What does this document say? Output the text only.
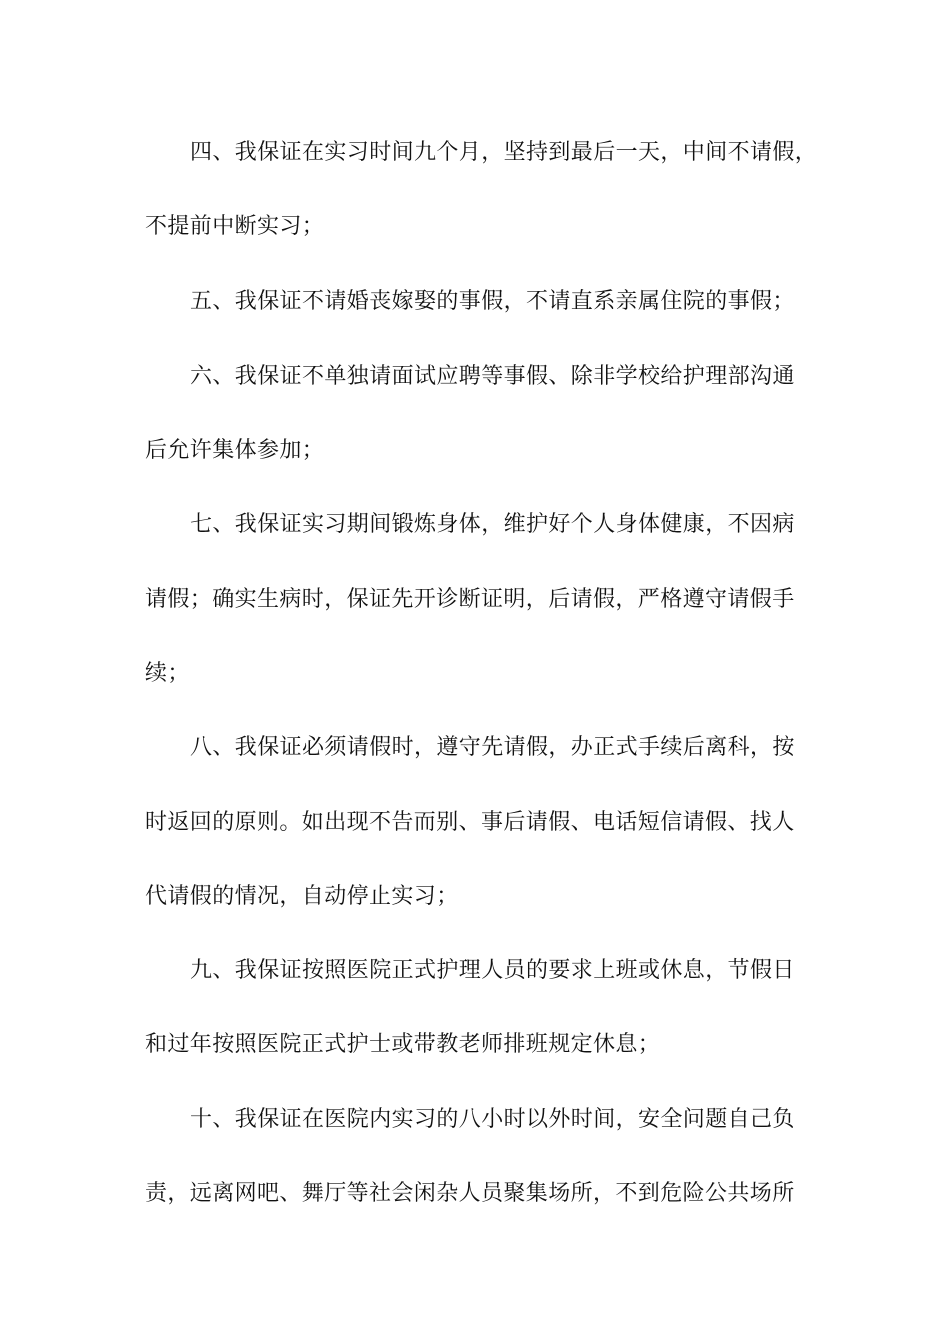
四、我保证在实习时间九个月，坚持到最后一天，中间不请假，
不提前中断实习；
五、我保证不请婚丧嫁娶的事假，不请直系亲属住院的事假；
六、我保证不单独请面试应聘等事假、除非学校给护理部沟通
后允许集体参加；
七、我保证实习期间锻炼身体，维护好个人身体健康，不因病
请假；确实生病时，保证先开诊断证明，后请假，严格遵守请假手
续；
八、我保证必须请假时，遵守先请假，办正式手续后离科，按
时返回的原则。如出现不告而别、事后请假、电话短信请假、找人
代请假的情况，自动停止实习；
九、我保证按照医院正式护理人员的要求上班或休息，节假日
和过年按照医院正式护士或带教老师排班规定休息；
十、我保证在医院内实习的八小时以外时间，安全问题自己负
责，远离网吧、舞厅等社会闲杂人员聚集场所，不到危险公共场所
